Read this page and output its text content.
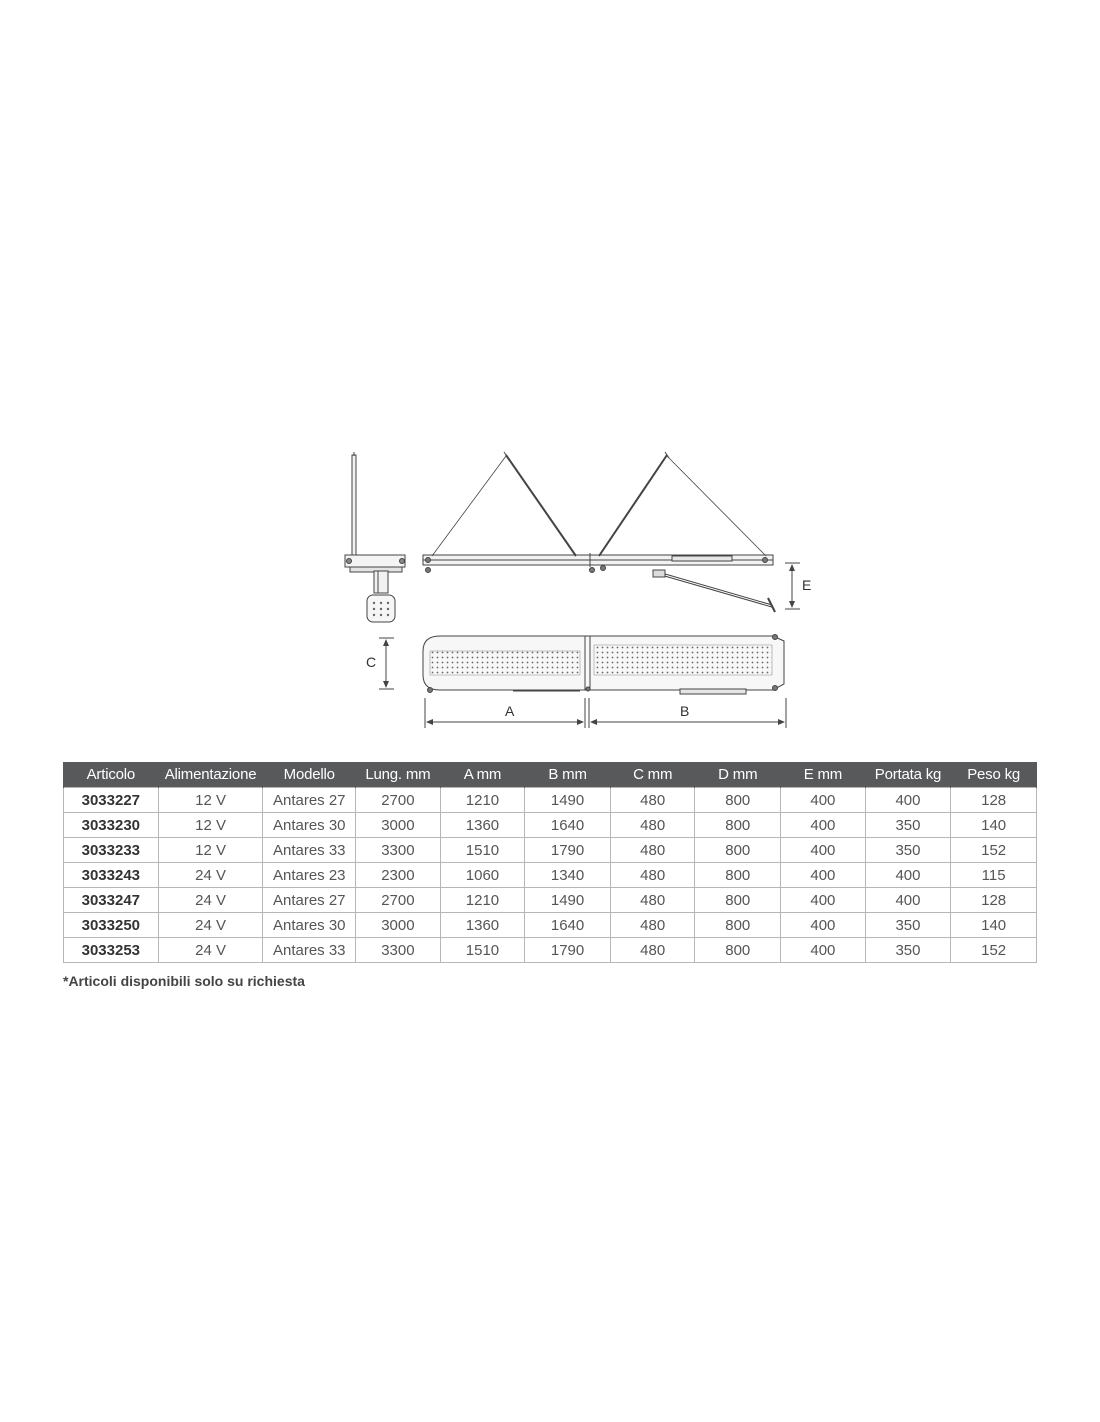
E
C
A	B
Articolo	Alimentazione	Modello	Lung. mm	A mm	B mm	C mm	D mm	E mm	Portata kg	Peso kg
3033227	12 V	Antares 27	2700	1210	1490	480	800	400	400	128
3033230	12 V	Antares 30	3000	1360	1640	480	800	400	350	140
3033233	12 V	Antares 33	3300	1510	1790	480	800	400	350	152
3033243	24 V	Antares 23	2300	1060	1340	480	800	400	400	115
3033247	24 V	Antares 27	2700	1210	1490	480	800	400	400	128
3033250	24 V	Antares 30	3000	1360	1640	480	800	400	350	140
3033253	24 V	Antares 33	3300	1510	1790	480	800	400	350	152
*Articoli disponibili solo su richiesta
